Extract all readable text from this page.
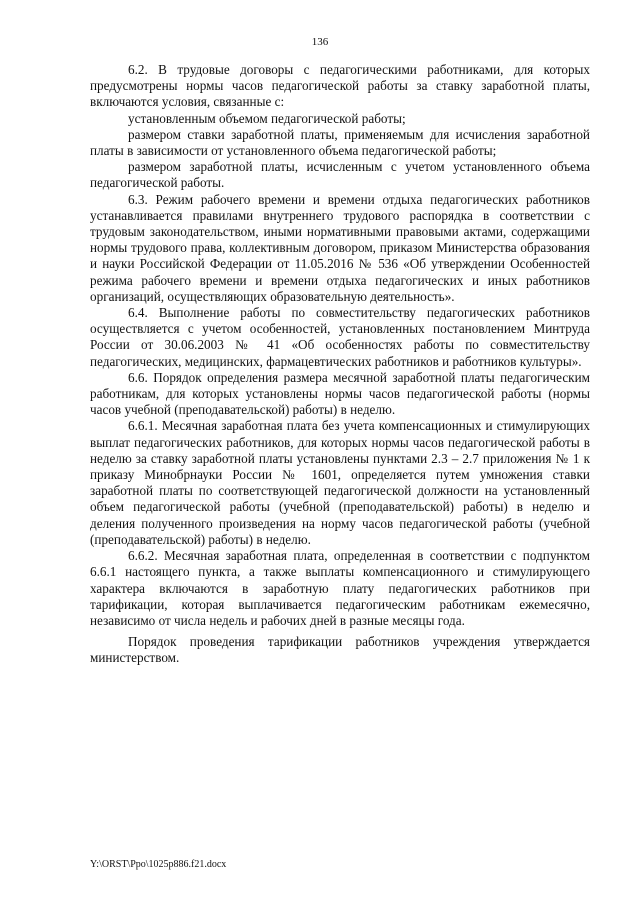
136

6.2. В трудовые договоры с педагогическими работниками, для которых предусмотрены нормы часов педагогической работы за ставку заработной платы, включаются условия, связанные с:

установленным объемом педагогической работы;

размером ставки заработной платы, применяемым для исчисления заработной платы в зависимости от установленного объема педагогической работы;

размером заработной платы, исчисленным с учетом установленного объема педагогической работы.

6.3. Режим рабочего времени и времени отдыха педагогических работников устанавливается правилами внутреннего трудового распорядка в соответствии с трудовым законодательством, иными нормативными правовыми актами, содержащими нормы трудового права, коллективным договором, приказом Министерства образования и науки Российской Федерации от 11.05.2016 № 536 «Об утверждении Особенностей режима рабочего времени и времени отдыха педагогических и иных работников организаций, осуществляющих образовательную деятельность».

6.4. Выполнение работы по совместительству педагогических работников осуществляется с учетом особенностей, установленных постановлением Минтруда России от 30.06.2003 № 41 «Об особенностях работы по совместительству педагогических, медицинских, фармацевтических работников и работников культуры».

6.6. Порядок определения размера месячной заработной платы педагогическим работникам, для которых установлены нормы часов педагогической работы (нормы часов учебной (преподавательской) работы) в неделю.

6.6.1. Месячная заработная плата без учета компенсационных и стимулирующих выплат педагогических работников, для которых нормы часов педагогической работы в неделю за ставку заработной платы установлены пунктами 2.3 – 2.7 приложения № 1 к приказу Минобрнауки России № 1601, определяется путем умножения ставки заработной платы по соответствующей педагогической должности на установленный объем педагогической работы (учебной (преподавательской) работы) в неделю и деления полученного произведения на норму часов педагогической работы (учебной (преподавательской) работы) в неделю.

6.6.2. Месячная заработная плата, определенная в соответствии с подпунктом 6.6.1 настоящего пункта, а также выплаты компенсационного и стимулирующего характера включаются в заработную плату педагогических работников при тарификации, которая выплачивается педагогическим работникам ежемесячно, независимо от числа недель и рабочих дней в разные месяцы года.

Порядок проведения тарификации работников учреждения утверждается министерством.

Y:\ORST\Ppo\1025p886.f21.docx
